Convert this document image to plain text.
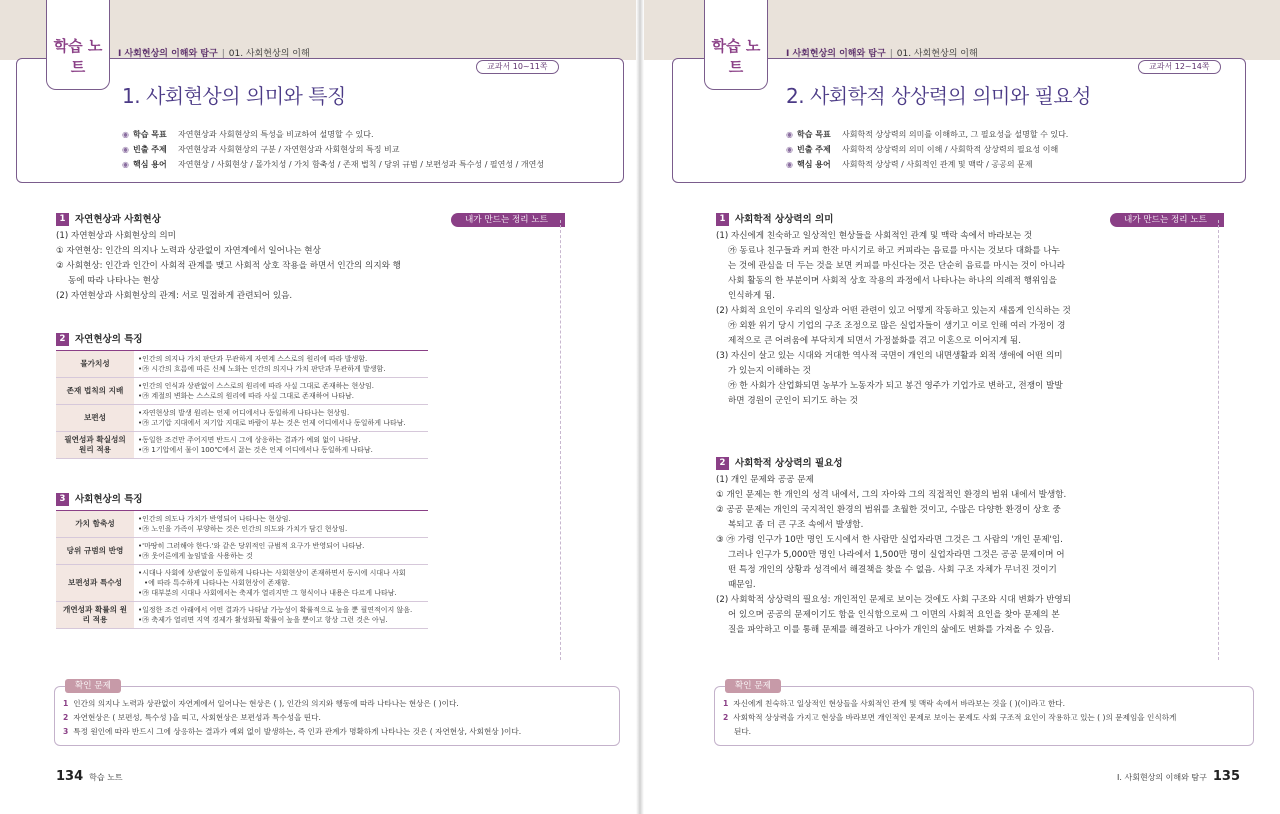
학습 노트
Ⅰ 사회현상의 이해와 탐구 | 01. 사회현상의 이해
교과서 10~11쪽
1. 사회현상의 의미와 특징
◉ 학습 목표	자연현상과 사회현상의 특성을 비교하여 설명할 수 있다.
◉ 빈출 주제	자연현상과 사회현상의 구분 / 자연현상과 사회현상의 특징 비교
◉ 핵심 용어	자연현상 / 사회현상 / 몰가치성 / 가치 함축성 / 존재 법칙 / 당위 규범 / 보편성과 특수성 / 필연성 / 개연성
내가 만드는 정리 노트
1	자연현상과 사회현상
(1) 자연현상과 사회현상의 의미
① 자연현상: 인간의 의지나 노력과 상관없이 자연계에서 일어나는 현상
② 사회현상: 인간과 인간이 사회적 관계를 맺고 사회적 상호 작용을 하면서 인간의 의지와 행
동에 따라 나타나는 현상
(2) 자연현상과 사회현상의 관계: 서로 밀접하게 관련되어 있음.
2	자연현상의 특징
몰가치성	• 인간의 의지나 가치 판단과 무관하게 자연계 스스로의 원리에 따라 발생함.
• ㉮ 시간의 흐름에 따른 신체 노화는 인간의 의지나 가치 판단과 무관하게 발생함.

존재 법칙의 지배	• 인간의 인식과 상관없이 스스로의 원리에 따라 사실 그대로 존재하는 현상임.
• ㉮ 계절의 변화는 스스로의 원리에 따라 사실 그대로 존재하여 나타남.

보편성	• 자연현상의 발생 원리는 언제 어디에서나 동일하게 나타나는 현상임.
• ㉮ 고기압 지대에서 저기압 지대로 바람이 부는 것은 언제 어디에서나 동일하게 나타남.

필연성과 확실성의 원리 적용	• 동일한 조건만 주어지면 반드시 그에 상응하는 결과가 예외 없이 나타남.
• ㉮ 1기압에서 물이 100℃에서 끓는 것은 언제 어디에서나 동일하게 나타남.
3	사회현상의 특징
가치 함축성	• 인간의 의도나 가치가 반영되어 나타나는 현상임.
• ㉮ 노인을 가족이 부양하는 것은 인간의 의도와 가치가 담긴 현상임.

당위 규범의 반영	• '마땅히 그러해야 한다.'와 같은 당위적인 규범적 요구가 반영되어 나타남.
• ㉮ 웃어른에게 높임말을 사용하는 것

보편성과 특수성	• 시대나 사회에 상관없이 동일하게 나타나는 사회현상이 존재하면서 동시에 시대나 사회
• 에 따라 특수하게 나타나는 사회현상이 존재함.
• ㉮ 대부분의 시대나 사회에서는 축제가 열리지만 그 형식이나 내용은 다르게 나타남.

개연성과 확률의 원리 적용	• 일정한 조건 아래에서 어떤 결과가 나타날 가능성이 확률적으로 높을 뿐 필연적이지 않음.
• ㉮ 축제가 열리면 지역 경제가 활성화될 확률이 높을 뿐이고 항상 그런 것은 아님.
확인 문제
1 인간의 의지나 노력과 상관없이 자연계에서 일어나는 현상은 ( ), 인간의 의지와 행동에 따라 나타나는 현상은 ( )이다.
2 자연현상은 ( 보편성, 특수성 )을 띠고, 사회현상은 보편성과 특수성을 띤다.
3 특정 원인에 따라 반드시 그에 상응하는 결과가 예외 없이 발생하는, 즉 인과 관계가 명확하게 나타나는 것은 ( 자연현상, 사회현상 )이다.
134 학습 노트
학습 노트
Ⅰ 사회현상의 이해와 탐구 | 01. 사회현상의 이해
교과서 12~14쪽
2. 사회학적 상상력의 의미와 필요성
◉ 학습 목표	사회학적 상상력의 의미를 이해하고, 그 필요성을 설명할 수 있다.
◉ 빈출 주제	사회학적 상상력의 의미 이해 / 사회학적 상상력의 필요성 이해
◉ 핵심 용어	사회학적 상상력 / 사회적인 관계 및 맥락 / 공공의 문제
내가 만드는 정리 노트
1	사회학적 상상력의 의미
(1) 자신에게 친숙하고 일상적인 현상들을 사회적인 관계 및 맥락 속에서 바라보는 것
㉮ 동료나 친구들과 커피 한잔 마시기로 하고 커피라는 음료를 마시는 것보다 대화를 나누
는 것에 관심을 더 두는 것을 보면 커피를 마신다는 것은 단순히 음료를 마시는 것이 아니라
사회 활동의 한 부분이며 사회적 상호 작용의 과정에서 나타나는 하나의 의례적 행위임을
인식하게 됨.
(2) 사회적 요인이 우리의 일상과 어떤 관련이 있고 어떻게 작동하고 있는지 새롭게 인식하는 것
㉮ 외환 위기 당시 기업의 구조 조정으로 많은 실업자들이 생기고 이로 인해 여러 가정이 경
제적으로 큰 어려움에 부닥치게 되면서 가정불화를 겪고 이혼으로 이어지게 됨.
(3) 자신이 살고 있는 시대와 거대한 역사적 국면이 개인의 내면생활과 외적 생애에 어떤 의미
가 있는지 이해하는 것
㉮ 한 사회가 산업화되면 농부가 노동자가 되고 봉건 영주가 기업가로 변하고, 전쟁이 발발
하면 경원이 군인이 되기도 하는 것
2	사회학적 상상력의 필요성
(1) 개인 문제와 공공 문제
① 개인 문제는 한 개인의 성격 내에서, 그의 자아와 그의 직접적인 환경의 범위 내에서 발생함.
② 공공 문제는 개인의 국지적인 환경의 범위를 초월한 것이고, 수많은 다양한 환경이 상호 중
복되고 좀 더 큰 구조 속에서 발생함.
③ ㉮ 가령 인구가 10만 명인 도시에서 한 사람만 실업자라면 그것은 그 사람의 '개인 문제'임.
그러나 인구가 5,000만 명인 나라에서 1,500만 명이 실업자라면 그것은 공공 문제이며 어
떤 특정 개인의 상황과 성격에서 해결책을 찾을 수 없음. 사회 구조 자체가 무너진 것이기
때문임.
(2) 사회학적 상상력의 필요성: 개인적인 문제로 보이는 것에도 사회 구조와 시대 변화가 반영되
어 있으며 공공의 문제이기도 함을 인식함으로써 그 이면의 사회적 요인을 찾아 문제의 본
질을 파악하고 이를 통해 문제를 해결하고 나아가 개인의 삶에도 변화를 가져올 수 있음.
확인 문제
1 자신에게 친숙하고 일상적인 현상들을 사회적인 관계 및 맥락 속에서 바라보는 것을 ( )(이)라고 한다.
2 사회학적 상상력을 가지고 현상을 바라보면 개인적인 문제로 보이는 문제도 사회 구조적 요인이 작용하고 있는 ( )의 문제임을 인식하게
된다.
Ⅰ. 사회현상의 이해와 탐구 135
